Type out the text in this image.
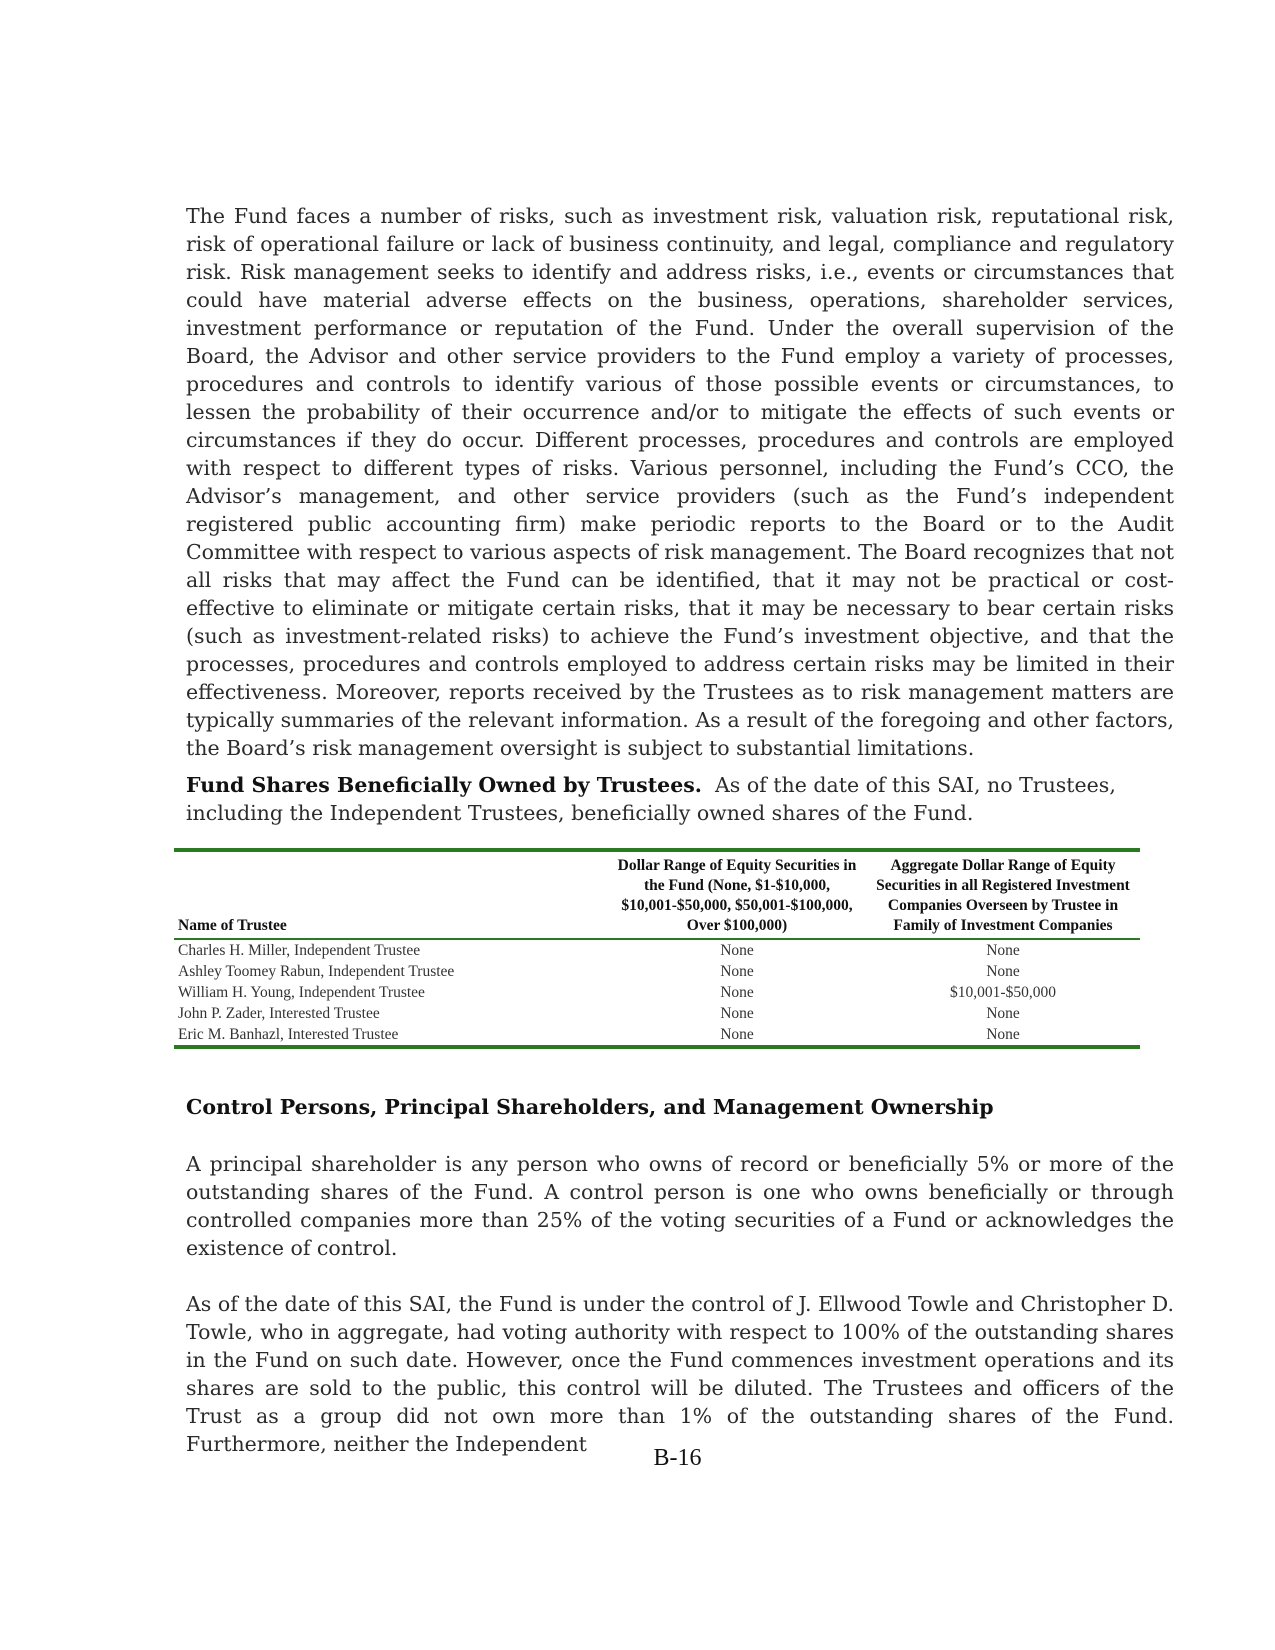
The Fund faces a number of risks, such as investment risk, valuation risk, reputational risk, risk of operational failure or lack of business continuity, and legal, compliance and regulatory risk. Risk management seeks to identify and address risks, i.e., events or circumstances that could have material adverse effects on the business, operations, shareholder services, investment performance or reputation of the Fund. Under the overall supervision of the Board, the Advisor and other service providers to the Fund employ a variety of processes, procedures and controls to identify various of those possible events or circumstances, to lessen the probability of their occurrence and/or to mitigate the effects of such events or circumstances if they do occur. Different processes, procedures and controls are employed with respect to different types of risks. Various personnel, including the Fund’s CCO, the Advisor’s management, and other service providers (such as the Fund’s independent registered public accounting firm) make periodic reports to the Board or to the Audit Committee with respect to various aspects of risk management. The Board recognizes that not all risks that may affect the Fund can be identified, that it may not be practical or cost-effective to eliminate or mitigate certain risks, that it may be necessary to bear certain risks (such as investment-related risks) to achieve the Fund’s investment objective, and that the processes, procedures and controls employed to address certain risks may be limited in their effectiveness. Moreover, reports received by the Trustees as to risk management matters are typically summaries of the relevant information. As a result of the foregoing and other factors, the Board’s risk management oversight is subject to substantial limitations.

Fund Shares Beneficially Owned by Trustees. As of the date of this SAI, no Trustees, including the Independent Trustees, beneficially owned shares of the Fund.

Name of Trustee	Dollar Range of Equity Securities in the Fund (None, $1-$10,000, $10,001-$50,000, $50,001-$100,000, Over $100,000)	Aggregate Dollar Range of Equity Securities in all Registered Investment Companies Overseen by Trustee in Family of Investment Companies
Charles H. Miller, Independent Trustee	None	None
Ashley Toomey Rabun, Independent Trustee	None	None
William H. Young, Independent Trustee	None	$10,001-$50,000
John P. Zader, Interested Trustee	None	None
Eric M. Banhazl, Interested Trustee	None	None
Control Persons, Principal Shareholders, and Management Ownership

A principal shareholder is any person who owns of record or beneficially 5% or more of the outstanding shares of the Fund. A control person is one who owns beneficially or through controlled companies more than 25% of the voting securities of a Fund or acknowledges the existence of control.

As of the date of this SAI, the Fund is under the control of J. Ellwood Towle and Christopher D. Towle, who in aggregate, had voting authority with respect to 100% of the outstanding shares in the Fund on such date. However, once the Fund commences investment operations and its shares are sold to the public, this control will be diluted. The Trustees and officers of the Trust as a group did not own more than 1% of the outstanding shares of the Fund. Furthermore, neither the Independent

B-16
